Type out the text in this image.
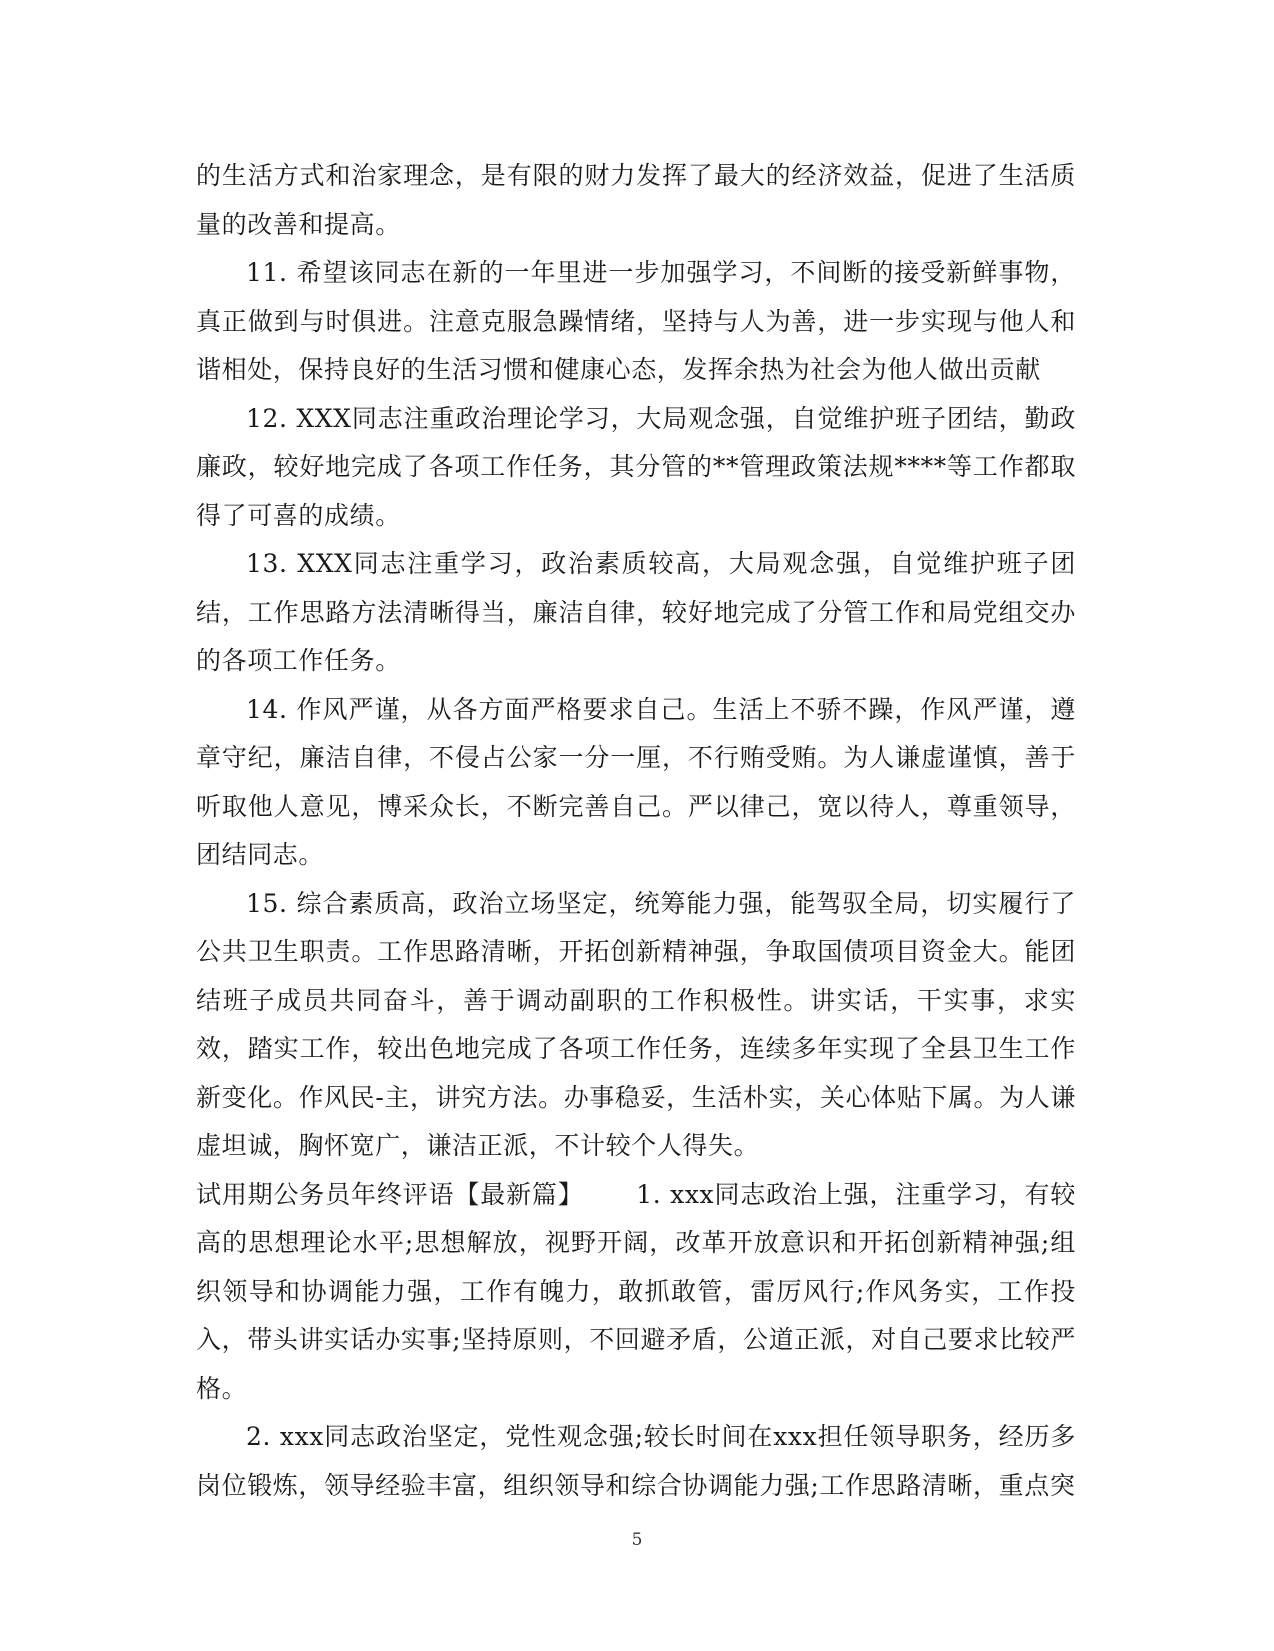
的生活方式和治家理念，是有限的财力发挥了最大的经济效益，促进了生活质量的改善和提高。

11. 希望该同志在新的一年里进一步加强学习，不间断的接受新鲜事物，真正做到与时俱进。注意克服急躁情绪，坚持与人为善，进一步实现与他人和谐相处，保持良好的生活习惯和健康心态，发挥余热为社会为他人做出贡献

12. XXX同志注重政治理论学习，大局观念强，自觉维护班子团结，勤政廉政，较好地完成了各项工作任务，其分管的**管理政策法规****等工作都取得了可喜的成绩。

13. XXX同志注重学习，政治素质较高，大局观念强，自觉维护班子团结，工作思路方法清晰得当，廉洁自律，较好地完成了分管工作和局党组交办的各项工作任务。

14. 作风严谨，从各方面严格要求自己。生活上不骄不躁，作风严谨，遵章守纪，廉洁自律，不侵占公家一分一厘，不行贿受贿。为人谦虚谨慎，善于听取他人意见，博采众长，不断完善自己。严以律己，宽以待人，尊重领导，团结同志。

15. 综合素质高，政治立场坚定，统筹能力强，能驾驭全局，切实履行了公共卫生职责。工作思路清晰，开拓创新精神强，争取国债项目资金大。能团结班子成员共同奋斗，善于调动副职的工作积极性。讲实话，干实事，求实效，踏实工作，较出色地完成了各项工作任务，连续多年实现了全县卫生工作新变化。作风民-主，讲究方法。办事稳妥，生活朴实，关心体贴下属。为人谦虚坦诚，胸怀宽广，谦洁正派，不计较个人得失。

试用期公务员年终评语【最新篇】      1. xxx同志政治上强，注重学习，有较高的思想理论水平;思想解放，视野开阔，改革开放意识和开拓创新精神强;组织领导和协调能力强，工作有魄力，敢抓敢管，雷厉风行;作风务实，工作投入，带头讲实话办实事;坚持原则，不回避矛盾，公道正派，对自己要求比较严格。

2. xxx同志政治坚定，党性观念强;较长时间在xxx担任领导职务，经历多岗位锻炼，领导经验丰富，组织领导和综合协调能力强;工作思路清晰，重点突

5
